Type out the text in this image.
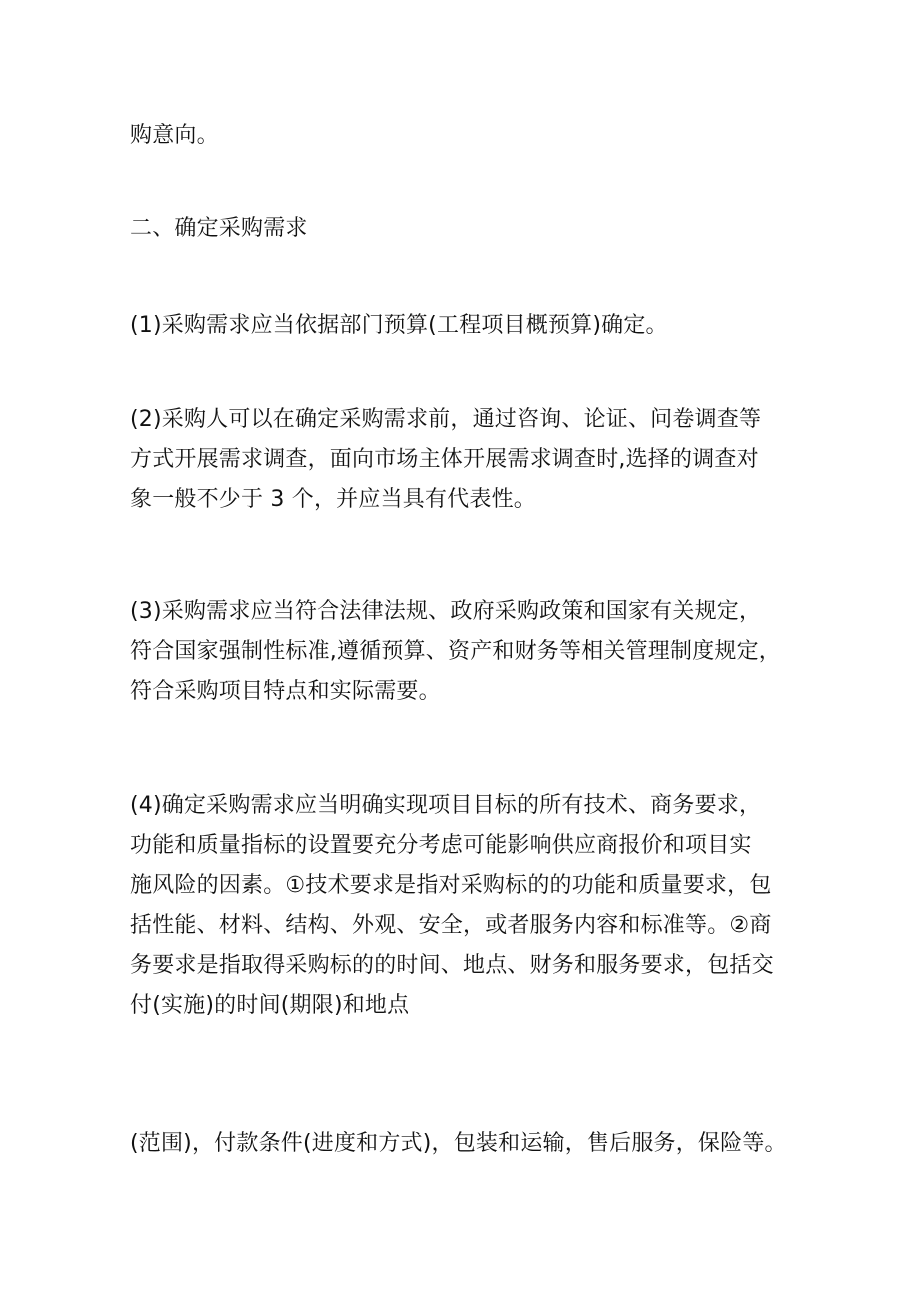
购意向。

二、确定采购需求

(1)采购需求应当依据部门预算(工程项目概预算)确定。

(2)采购人可以在确定采购需求前，通过咨询、论证、问卷调查等
方式开展需求调查，面向市场主体开展需求调查时,选择的调查对
象一般不少于 3 个，并应当具有代表性。

(3)采购需求应当符合法律法规、政府采购政策和国家有关规定，
符合国家强制性标准,遵循预算、资产和财务等相关管理制度规定，
符合采购项目特点和实际需要。

(4)确定采购需求应当明确实现项目目标的所有技术、商务要求，
功能和质量指标的设置要充分考虑可能影响供应商报价和项目实
施风险的因素。①技术要求是指对采购标的的功能和质量要求，包
括性能、材料、结构、外观、安全，或者服务内容和标准等。②商
务要求是指取得采购标的的时间、地点、财务和服务要求，包括交
付(实施)的时间(期限)和地点

(范围)，付款条件(进度和方式)，包装和运输，售后服务，保险等。
